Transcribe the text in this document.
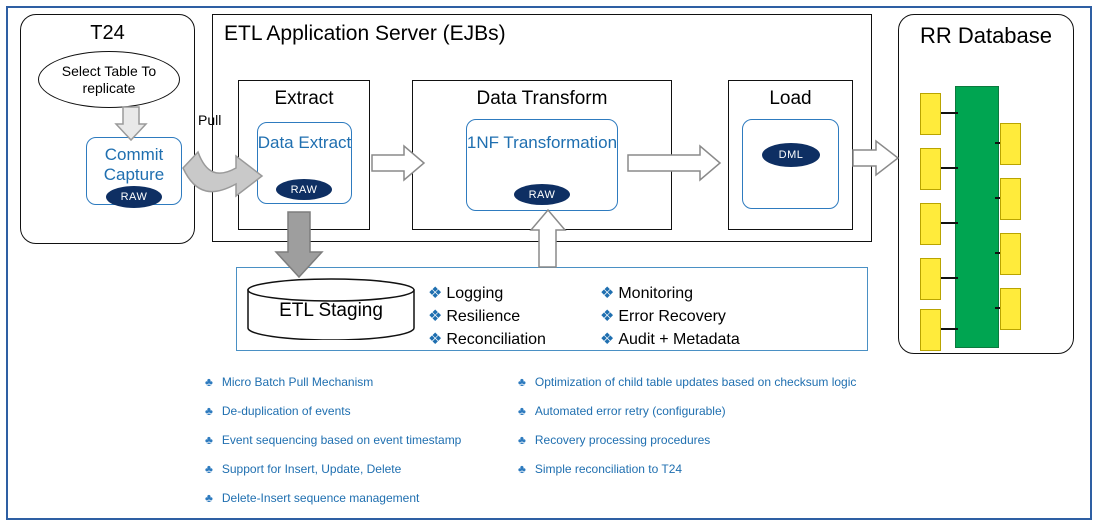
T24
Select Table To replicate
Commit Capture
RAW
ETL Application Server (EJBs)
Extract
Data Extract
RAW
Data Transform
1NF Transformation
RAW
Load
DML
ETL Staging
❖ Logging
❖ Resilience
❖ Reconciliation
❖ Monitoring
❖ Error Recovery
❖ Audit + Metadata
RR Database
Pull
♣ Micro Batch Pull Mechanism
♣ De-duplication of events
♣ Event sequencing based on event timestamp
♣ Support for Insert, Update, Delete
♣ Delete-Insert sequence management
♣ Optimization of child table updates based on checksum logic
♣ Automated error retry (configurable)
♣ Recovery processing procedures
♣ Simple reconciliation to T24
